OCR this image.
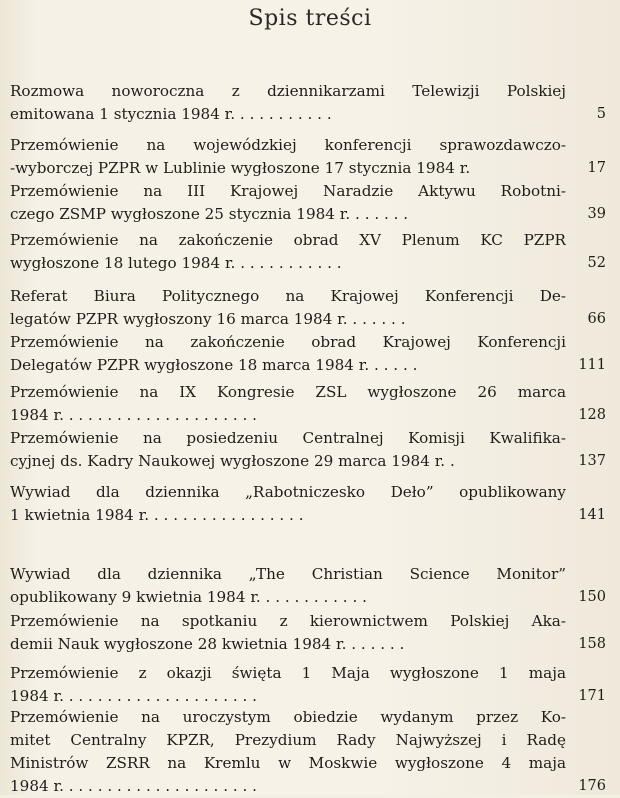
Spis treści
Rozmowa noworoczna z dziennikarzami Telewizji Polskiej
emitowana 1 stycznia 1984 r. . . . . . . . . . .	5
Przemówienie na wojewódzkiej konferencji sprawozdawczo-
-wyborczej PZPR w Lublinie wygłoszone 17 stycznia 1984 r.	17
Przemówienie na III Krajowej Naradzie Aktywu Robotni-
czego ZSMP wygłoszone 25 stycznia 1984 r. . . . . . .	39
Przemówienie na zakończenie obrad XV Plenum KC PZPR
wygłoszone 18 lutego 1984 r. . . . . . . . . . . .	52
Referat Biura Politycznego na Krajowej Konferencji De-
legatów PZPR wygłoszony 16 marca 1984 r. . . . . . .	66
Przemówienie na zakończenie obrad Krajowej Konferencji
Delegatów PZPR wygłoszone 18 marca 1984 r. . . . . .	111
Przemówienie na IX Kongresie ZSL wygłoszone 26 marca
1984 r. . . . . . . . . . . . . . . . . . . . .	128
Przemówienie na posiedzeniu Centralnej Komisji Kwalifika-
cyjnej ds. Kadry Naukowej wygłoszone 29 marca 1984 r. .	137
Wywiad dla dziennika „Rabotniczesko Deło” opublikowany
1 kwietnia 1984 r. . . . . . . . . . . . . . . . .	141
Wywiad dla dziennika „The Christian Science Monitor”
opublikowany 9 kwietnia 1984 r. . . . . . . . . . . .	150
Przemówienie na spotkaniu z kierownictwem Polskiej Aka-
demii Nauk wygłoszone 28 kwietnia 1984 r. . . . . . .	158
Przemówienie z okazji święta 1 Maja wygłoszone 1 maja
1984 r. . . . . . . . . . . . . . . . . . . . .	171
Przemówienie na uroczystym obiedzie wydanym przez Ko-
mitet Centralny KPZR, Prezydium Rady Najwyższej i Radę
Ministrów ZSRR na Kremlu w Moskwie wygłoszone 4 maja
1984 r. . . . . . . . . . . . . . . . . . . . .	176
